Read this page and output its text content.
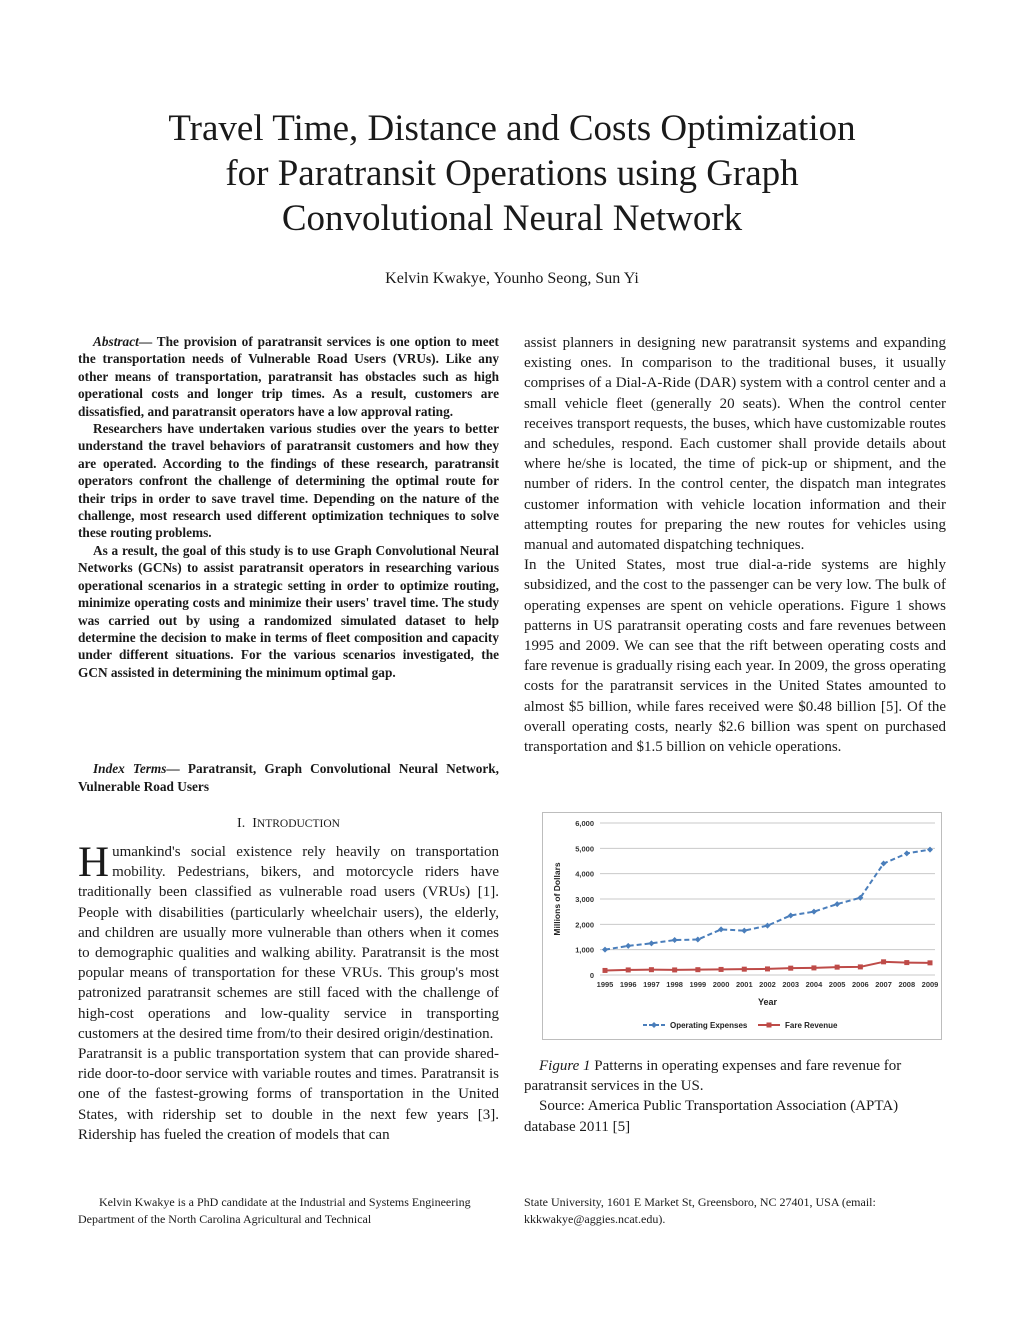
Travel Time, Distance and Costs Optimization
for Paratransit Operations using Graph
Convolutional Neural Network
Kelvin Kwakye, Younho Seong, Sun Yi

Abstract— The provision of paratransit services is one option to meet the transportation needs of Vulnerable Road Users (VRUs). Like any other means of transportation, paratransit has obstacles such as high operational costs and longer trip times. As a result, customers are dissatisfied, and paratransit operators have a low approval rating.

Researchers have undertaken various studies over the years to better understand the travel behaviors of paratransit customers and how they are operated. According to the findings of these research, paratransit operators confront the challenge of determining the optimal route for their trips in order to save travel time. Depending on the nature of the challenge, most research used different optimization techniques to solve these routing problems.

As a result, the goal of this study is to use Graph Convolutional Neural Networks (GCNs) to assist paratransit operators in researching various operational scenarios in a strategic setting in order to optimize routing, minimize operating costs and minimize their users' travel time. The study was carried out by using a randomized simulated dataset to help determine the decision to make in terms of fleet composition and capacity under different situations. For the various scenarios investigated, the GCN assisted in determining the minimum optimal gap.

Index Terms— Paratransit, Graph Convolutional Neural Network, Vulnerable Road Users

I. INTRODUCTION

Humankind's social existence rely heavily on transportation mobility. Pedestrians, bikers, and motorcycle riders have traditionally been classified as vulnerable road users (VRUs) [1]. People with disabilities (particularly wheelchair users), the elderly, and children are usually more vulnerable than others when it comes to demographic qualities and walking ability. Paratransit is the most popular means of transportation for these VRUs. This group's most patronized paratransit schemes are still faced with the challenge of high-cost operations and low-quality service in transporting customers at the desired time from/to their desired origin/destination.

Paratransit is a public transportation system that can provide shared-ride door-to-door service with variable routes and times. Paratransit is one of the fastest-growing forms of transportation in the United States, with ridership set to double in the next few years [3]. Ridership has fueled the creation of models that can

assist planners in designing new paratransit systems and expanding existing ones. In comparison to the traditional buses, it usually comprises of a Dial-A-Ride (DAR) system with a control center and a small vehicle fleet (generally 20 seats). When the control center receives transport requests, the buses, which have customizable routes and schedules, respond. Each customer shall provide details about where he/she is located, the time of pick-up or shipment, and the number of riders. In the control center, the dispatch man integrates customer information with vehicle location information and their attempting routes for preparing the new routes for vehicles using manual and automated dispatching techniques.

In the United States, most true dial-a-ride systems are highly subsidized, and the cost to the passenger can be very low. The bulk of operating expenses are spent on vehicle operations. Figure 1 shows patterns in US paratransit operating costs and fare revenues between 1995 and 2009. We can see that the rift between operating costs and fare revenue is gradually rising each year. In 2009, the gross operating costs for the paratransit services in the United States amounted to almost $5 billion, while fares received were $0.48 billion [5]. Of the overall operating costs, nearly $2.6 billion was spent on purchased transportation and $1.5 billion on vehicle operations.

0
1,000
2,000
3,000
4,000
5,000
6,000
1995 1996 1997 1998 1999 2000 2001 2002 2003 2004 2005 2006 2007 2008 2009
Year
Millions of Dollars
Operating Expenses	Fare Revenue

Figure 1 Patterns in operating expenses and fare revenue for paratransit services in the US.

Source: America Public Transportation Association (APTA) database 2011 [5]

Kelvin Kwakye is a PhD candidate at the Industrial and Systems Engineering Department of the North Carolina Agricultural and Technical
State University, 1601 E Market St, Greensboro, NC 27401, USA (email: kkkwakye@aggies.ncat.edu).
